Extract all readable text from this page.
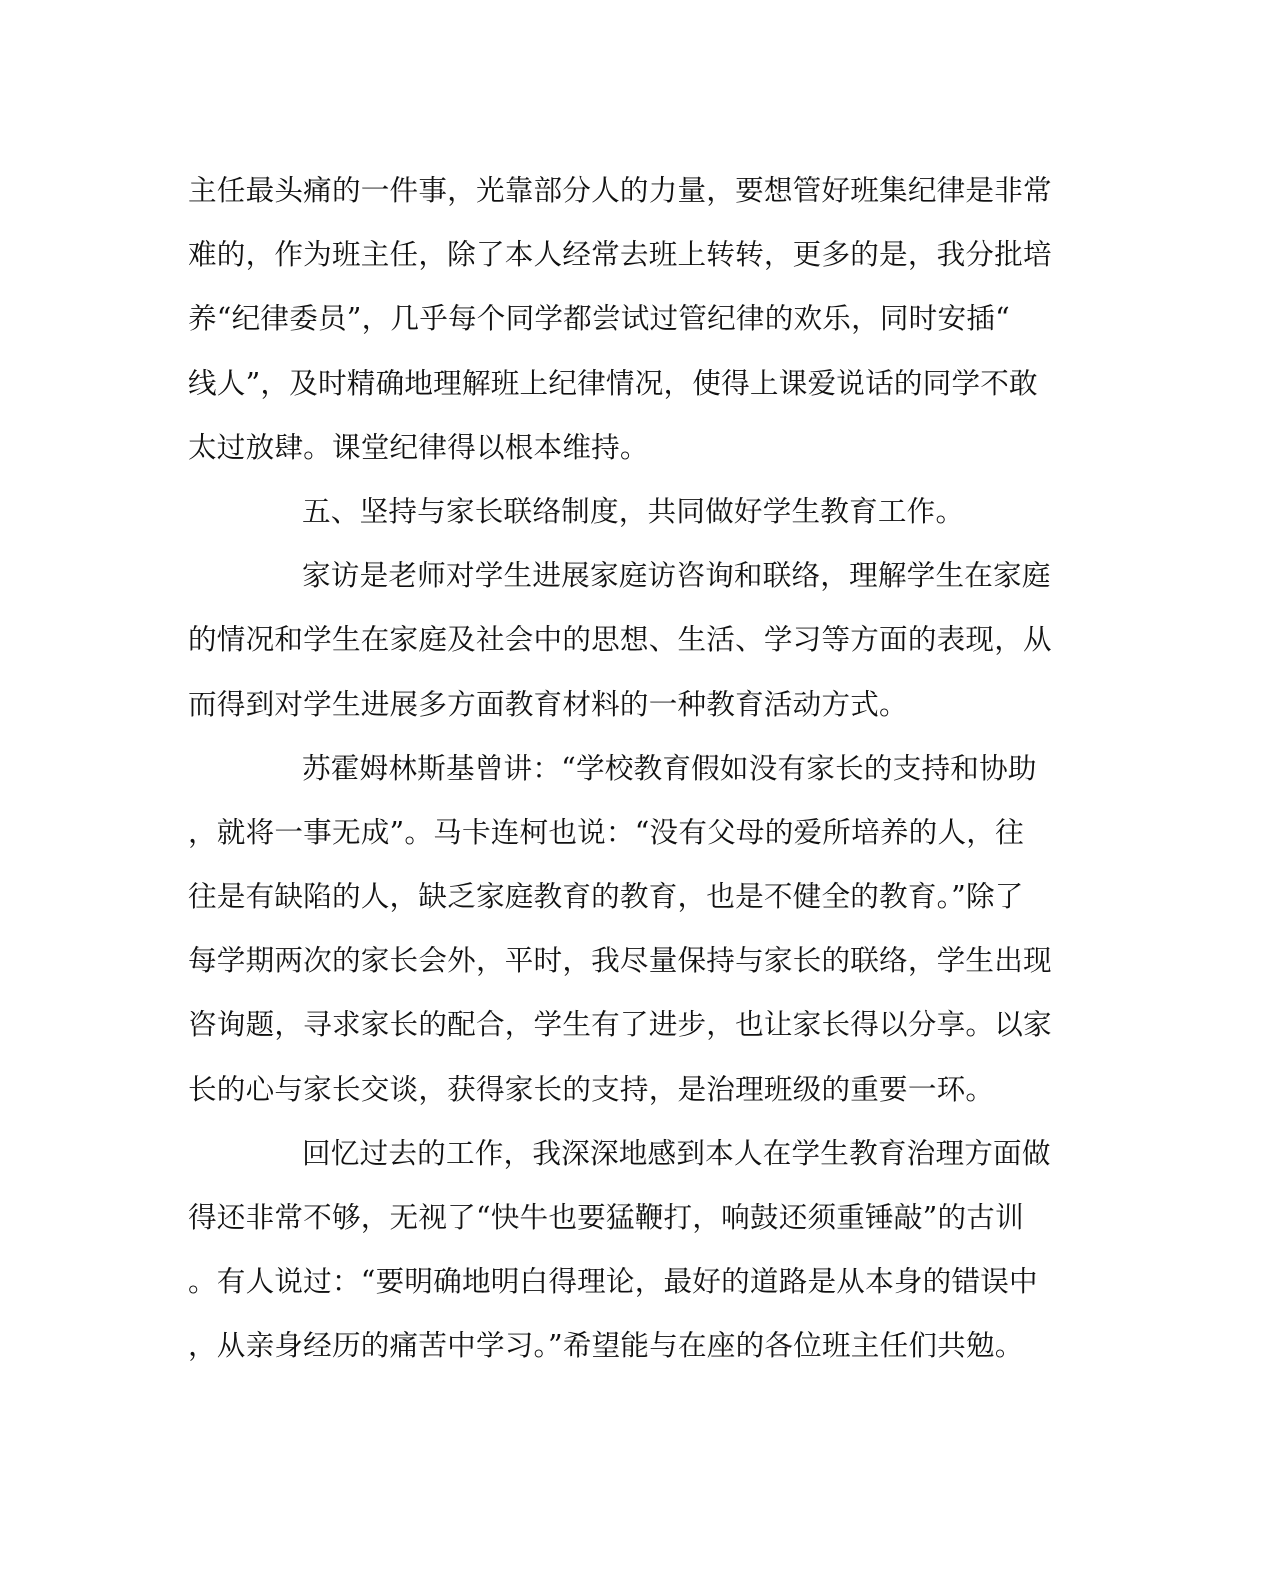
主任最头痛的一件事，光靠部分人的力量，要想管好班集纪律是非常
难的，作为班主任，除了本人经常去班上转转，更多的是，我分批培
养“纪律委员”，几乎每个同学都尝试过管纪律的欢乐，同时安插“
线人”，及时精确地理解班上纪律情况，使得上课爱说话的同学不敢
太过放肆。课堂纪律得以根本维持。
五、坚持与家长联络制度，共同做好学生教育工作。
家访是老师对学生进展家庭访咨询和联络，理解学生在家庭
的情况和学生在家庭及社会中的思想、生活、学习等方面的表现，从
而得到对学生进展多方面教育材料的一种教育活动方式。
苏霍姆林斯基曾讲：“学校教育假如没有家长的支持和协助
，就将一事无成”。马卡连柯也说：“没有父母的爱所培养的人，往
往是有缺陷的人，缺乏家庭教育的教育，也是不健全的教育。”除了
每学期两次的家长会外，平时，我尽量保持与家长的联络，学生出现
咨询题，寻求家长的配合，学生有了进步，也让家长得以分享。以家
长的心与家长交谈，获得家长的支持，是治理班级的重要一环。
回忆过去的工作，我深深地感到本人在学生教育治理方面做
得还非常不够，无视了“快牛也要猛鞭打，响鼓还须重锤敲”的古训
。有人说过：“要明确地明白得理论，最好的道路是从本身的错误中
，从亲身经历的痛苦中学习。”希望能与在座的各位班主任们共勉。
